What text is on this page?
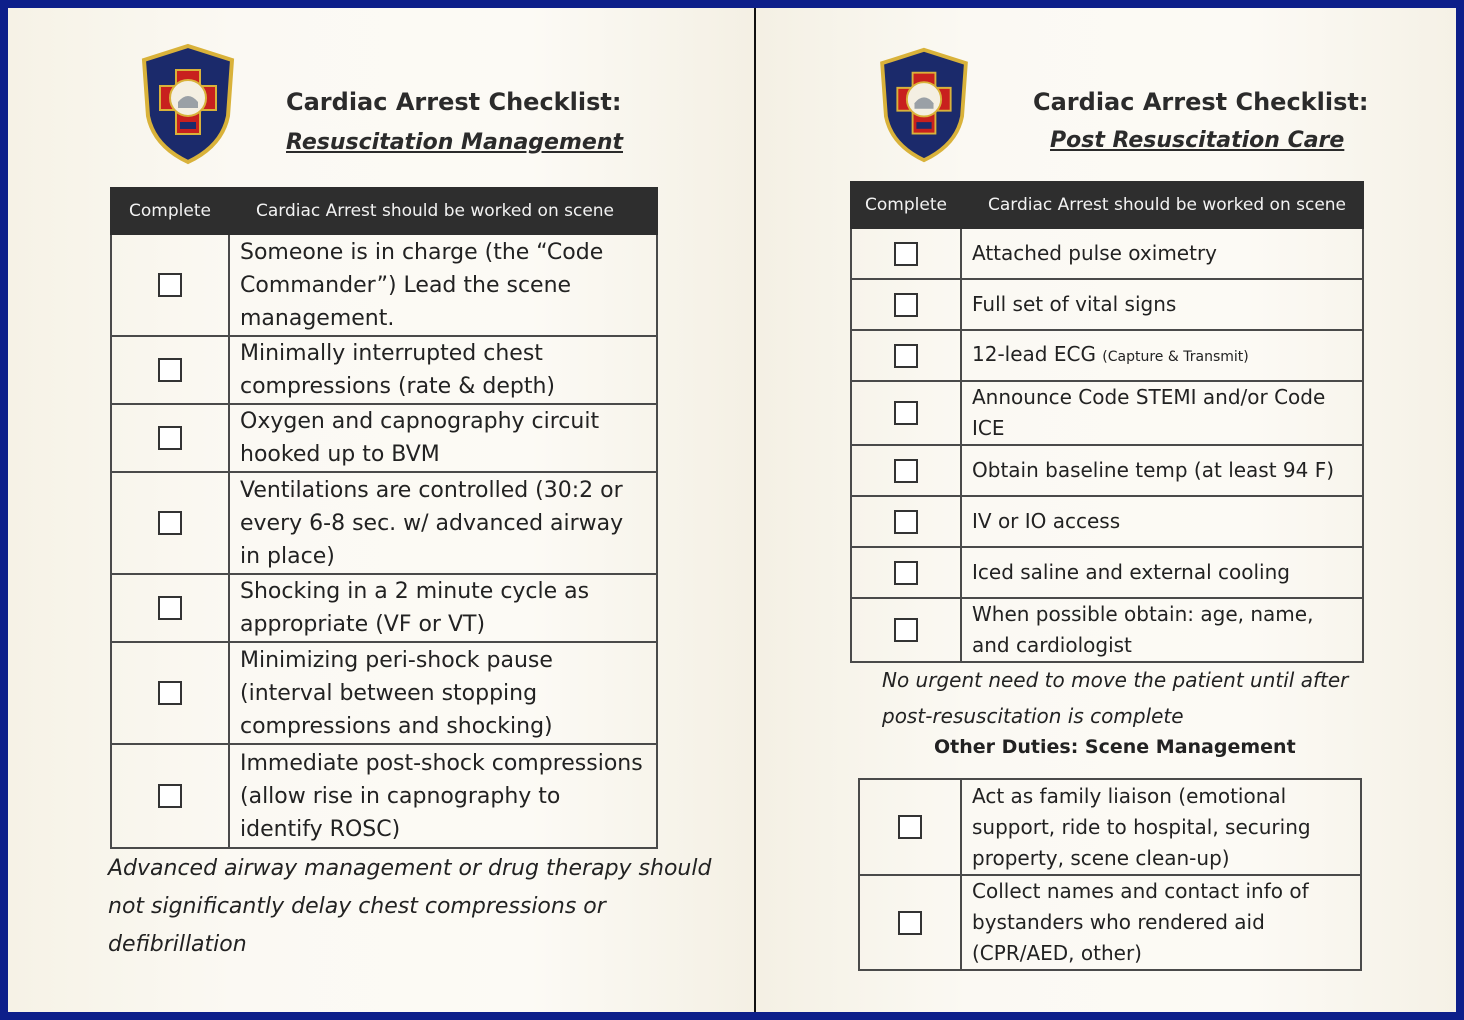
Cardiac Arrest Checklist:
Resuscitation Management
Complete	Cardiac Arrest should be worked on scene
	Someone is in charge (the “Code Commander”) Lead the scene management.
	Minimally interrupted chest compressions (rate & depth)
	Oxygen and capnography circuit hooked up to BVM
	Ventilations are controlled (30:2 or every 6-8 sec. w/ advanced airway in place)
	Shocking in a 2 minute cycle as appropriate (VF or VT)
	Minimizing peri-shock pause (interval between stopping compressions and shocking)
	Immediate post-shock compressions (allow rise in capnography to identify ROSC)
Advanced airway management or drug therapy should not significantly delay chest compressions or defibrillation
Cardiac Arrest Checklist:
Post Resuscitation Care
Complete	Cardiac Arrest should be worked on scene
	Attached pulse oximetry
	Full set of vital signs
	12-lead ECG (Capture & Transmit)
	Announce Code STEMI and/or Code ICE
	Obtain baseline temp (at least 94 F)
	IV or IO access
	Iced saline and external cooling
	When possible obtain: age, name, and cardiologist
No urgent need to move the patient until after post-resuscitation is complete
Other Duties: Scene Management
	Act as family liaison (emotional support, ride to hospital, securing property, scene clean-up)
	Collect names and contact info of bystanders who rendered aid (CPR/AED, other)
